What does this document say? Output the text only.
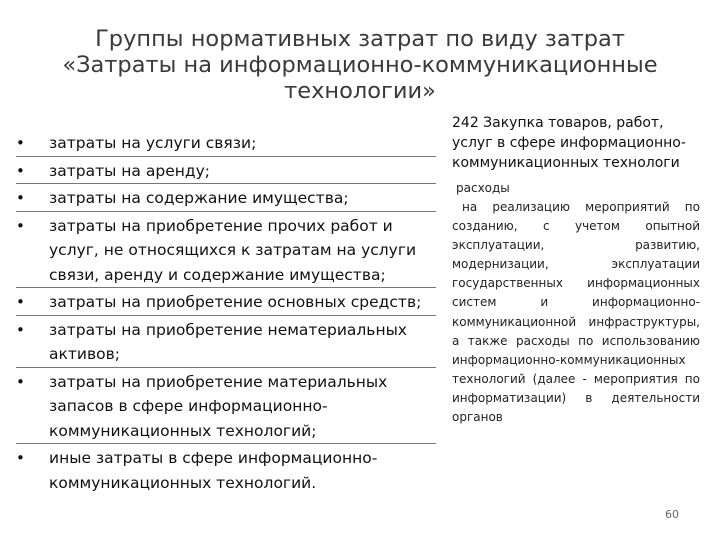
Группы нормативных затрат по виду затрат
«Затраты на информационно-коммуникационные
технологии»
• затраты на услуги связи;
• затраты на аренду;
• затраты на содержание имущества;
• затраты на приобретение прочих работ и
услуг, не относящихся к затратам на услуги
связи, аренду и содержание имущества;
• затраты на приобретение основных средств;
• затраты на приобретение нематериальных
активов;
• затраты на приобретение материальных
запасов в сфере информационно-
коммуникационных технологий;
• иные затраты в сфере информационно-
коммуникационных технологий.
242 Закупка товаров, работ,
услуг в сфере информационно-
коммуникационных технологи
расходы
на реализацию мероприятий по созданию, с учетом опытной эксплуатации, развитию, модернизации, эксплуатации государственных информационных систем и информационно-коммуникационной инфраструктуры, а также расходы по использованию информационно-коммуникационных технологий (далее - мероприятия по информатизации) в деятельности органов
60
